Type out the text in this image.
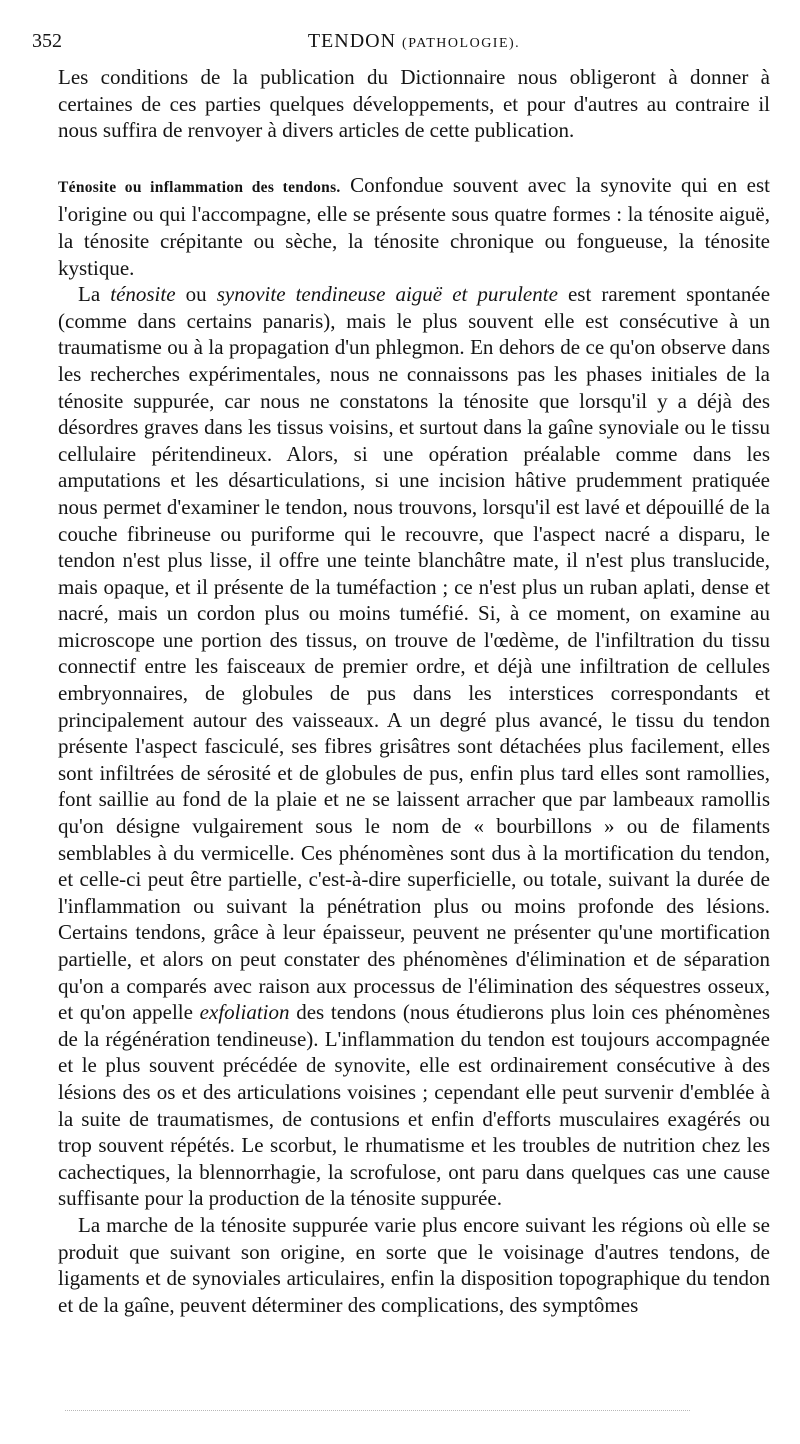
352	TENDON (PATHOLOGIE).

Les conditions de la publication du Dictionnaire nous obligeront à donner à certaines de ces parties quelques développements, et pour d'autres au contraire il nous suffira de renvoyer à divers articles de cette publication.

Ténosite ou inflammation des tendons. Confondue souvent avec la synovite qui en est l'origine ou qui l'accompagne, elle se présente sous quatre formes : la ténosite aiguë, la ténosite crépitante ou sèche, la ténosite chronique ou fongueuse, la ténosite kystique.

La ténosite ou synovite tendineuse aiguë et purulente est rarement spontanée (comme dans certains panaris), mais le plus souvent elle est consécutive à un traumatisme ou à la propagation d'un phlegmon. En dehors de ce qu'on observe dans les recherches expérimentales, nous ne connaissons pas les phases initiales de la ténosite suppurée, car nous ne constatons la ténosite que lorsqu'il y a déjà des désordres graves dans les tissus voisins, et surtout dans la gaîne synoviale ou le tissu cellulaire péritendineux. Alors, si une opération préalable comme dans les amputations et les désarticulations, si une incision hâtive prudemment pratiquée nous permet d'examiner le tendon, nous trouvons, lorsqu'il est lavé et dépouillé de la couche fibrineuse ou puriforme qui le recouvre, que l'aspect nacré a disparu, le tendon n'est plus lisse, il offre une teinte blanchâtre mate, il n'est plus translucide, mais opaque, et il présente de la tuméfaction ; ce n'est plus un ruban aplati, dense et nacré, mais un cordon plus ou moins tuméfié. Si, à ce moment, on examine au microscope une portion des tissus, on trouve de l'œdème, de l'infiltration du tissu connectif entre les faisceaux de premier ordre, et déjà une infiltration de cellules embryonnaires, de globules de pus dans les interstices correspondants et principalement autour des vaisseaux. A un degré plus avancé, le tissu du tendon présente l'aspect fasciculé, ses fibres grisâtres sont détachées plus facilement, elles sont infiltrées de sérosité et de globules de pus, enfin plus tard elles sont ramollies, font saillie au fond de la plaie et ne se laissent arracher que par lambeaux ramollis qu'on désigne vulgairement sous le nom de « bourbillons » ou de filaments semblables à du vermicelle. Ces phénomènes sont dus à la mortification du tendon, et celle-ci peut être partielle, c'est-à-dire superficielle, ou totale, suivant la durée de l'inflammation ou suivant la pénétration plus ou moins profonde des lésions. Certains tendons, grâce à leur épaisseur, peuvent ne présenter qu'une mortification partielle, et alors on peut constater des phénomènes d'élimination et de séparation qu'on a comparés avec raison aux processus de l'élimination des séquestres osseux, et qu'on appelle exfoliation des tendons (nous étudierons plus loin ces phénomènes de la régénération tendineuse). L'inflammation du tendon est toujours accompagnée et le plus souvent précédée de synovite, elle est ordinairement consécutive à des lésions des os et des articulations voisines ; cependant elle peut survenir d'emblée à la suite de traumatismes, de contusions et enfin d'efforts musculaires exagérés ou trop souvent répétés. Le scorbut, le rhumatisme et les troubles de nutrition chez les cachectiques, la blennorrhagie, la scrofulose, ont paru dans quelques cas une cause suffisante pour la production de la ténosite suppurée.

La marche de la ténosite suppurée varie plus encore suivant les régions où elle se produit que suivant son origine, en sorte que le voisinage d'autres tendons, de ligaments et de synoviales articulaires, enfin la disposition topographique du tendon et de la gaîne, peuvent déterminer des complications, des symptômes
